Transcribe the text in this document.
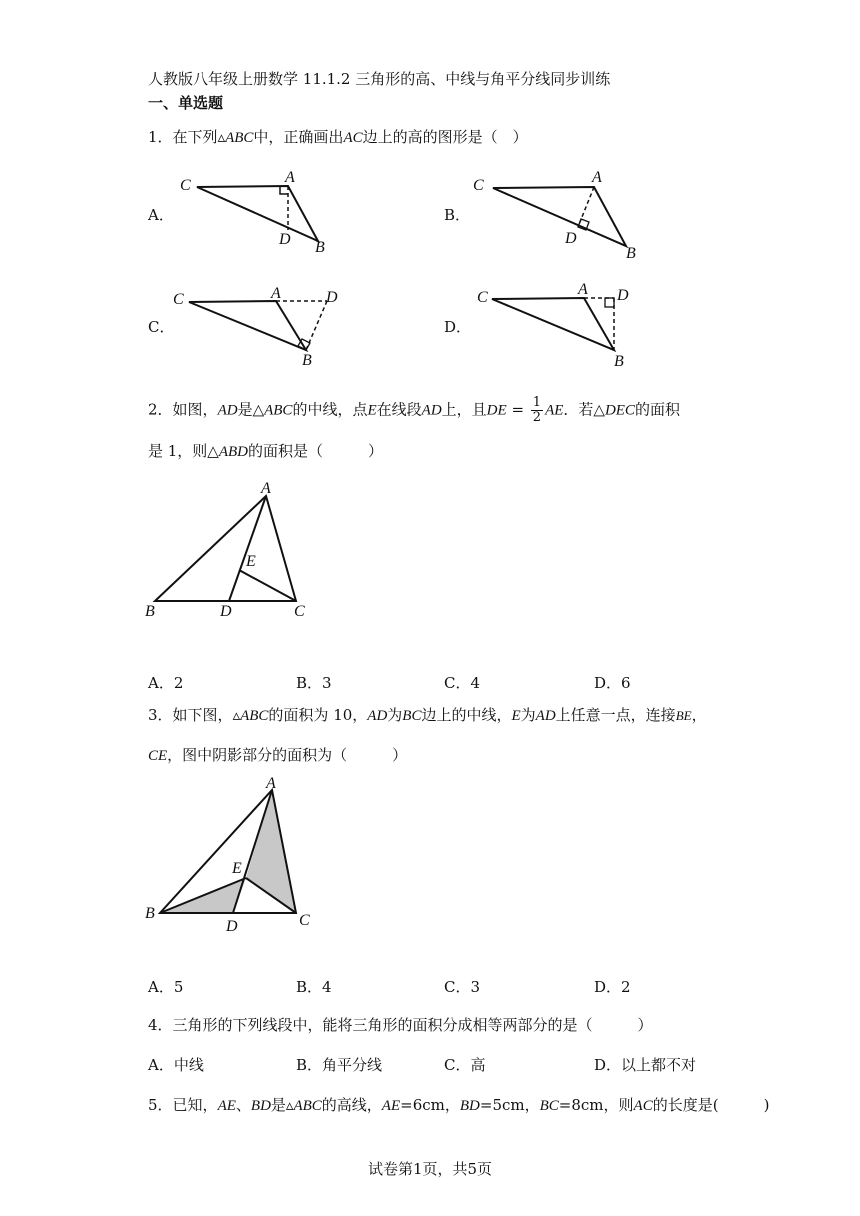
人教版八年级上册数学 11.1.2 三角形的高、中线与角平分线同步训练
一、单选题
1．在下列▵ABC中，正确画出AC边上的高的图形是（　）
A．
C	A
D B
B．
C	A
D
B
C．
C	A	D
B
D．
C	A D
B
2．如图，AD是△ABC的中线，点E在线段AD上，且DE = $\frac{1}{2}$ AE．若△DEC的面积
是 1，则△ABD的面积是（　　　）
A
E
B	D	C
A．2	B．3	C．4	D．6
3．如下图，▵ABC的面积为 10，AD为BC边上的中线，E为AD上任意一点，连接BE，
CE，图中阴影部分的面积为（　　　）
A
E
B
D	C
A．5	B．4	C．3	D．2
4．三角形的下列线段中，能将三角形的面积分成相等两部分的是（　　　）
A．中线	B．角平分线	C．高	D．以上都不对
5．已知，AE、BD是▵ABC的高线，AE=6cm，BD=5cm，BC=8cm，则AC的长度是(　　　)
试卷第1页，共5页
